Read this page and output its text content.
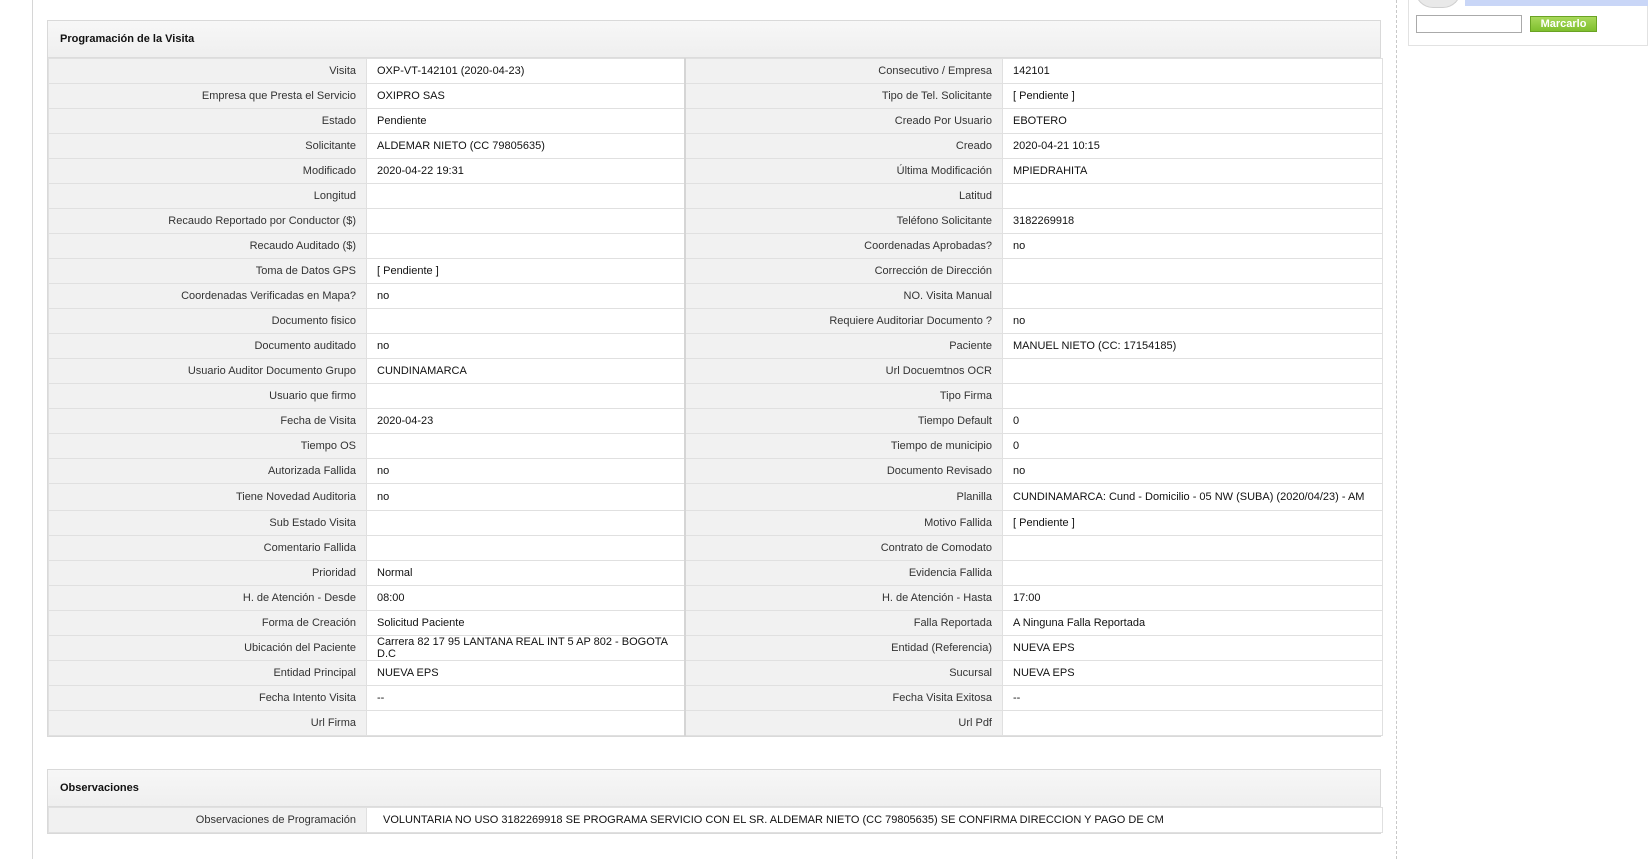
Marcarlo
Programación de la Visita
Visita	OXP-VT-142101 (2020-04-23)	Consecutivo / Empresa	142101
Empresa que Presta el Servicio	OXIPRO SAS	Tipo de Tel. Solicitante	[ Pendiente ]
Estado	Pendiente	Creado Por Usuario	EBOTERO
Solicitante	ALDEMAR NIETO (CC 79805635)	Creado	2020-04-21 10:15
Modificado	2020-04-22 19:31	Última Modificación	MPIEDRAHITA
Longitud		Latitud	
Recaudo Reportado por Conductor ($)		Teléfono Solicitante	3182269918
Recaudo Auditado ($)		Coordenadas Aprobadas?	no
Toma de Datos GPS	[ Pendiente ]	Corrección de Dirección	
Coordenadas Verificadas en Mapa?	no	NO. Visita Manual	
Documento fisico		Requiere Auditoriar Documento ?	no
Documento auditado	no	Paciente	MANUEL NIETO (CC: 17154185)
Usuario Auditor Documento Grupo	CUNDINAMARCA	Url Docuemtnos OCR	
Usuario que firmo		Tipo Firma	
Fecha de Visita	2020-04-23	Tiempo Default	0
Tiempo OS		Tiempo de municipio	0
Autorizada Fallida	no	Documento Revisado	no
Tiene Novedad Auditoria	no	Planilla	CUNDINAMARCA: Cund - Domicilio - 05 NW (SUBA) (2020/04/23) - AM
Sub Estado Visita		Motivo Fallida	[ Pendiente ]
Comentario Fallida		Contrato de Comodato	
Prioridad	Normal	Evidencia Fallida	
H. de Atención - Desde	08:00	H. de Atención - Hasta	17:00
Forma de Creación	Solicitud Paciente	Falla Reportada	A Ninguna Falla Reportada
Ubicación del Paciente	Carrera 82 17 95 LANTANA REAL INT 5 AP 802 - BOGOTA D.C	Entidad (Referencia)	NUEVA EPS
Entidad Principal	NUEVA EPS	Sucursal	NUEVA EPS
Fecha Intento Visita	--	Fecha Visita Exitosa	--
Url Firma		Url Pdf	
Observaciones
Observaciones de Programación	VOLUNTARIA NO USO 3182269918 SE PROGRAMA SERVICIO CON EL SR. ALDEMAR NIETO (CC 79805635) SE CONFIRMA DIRECCION Y PAGO DE CM
